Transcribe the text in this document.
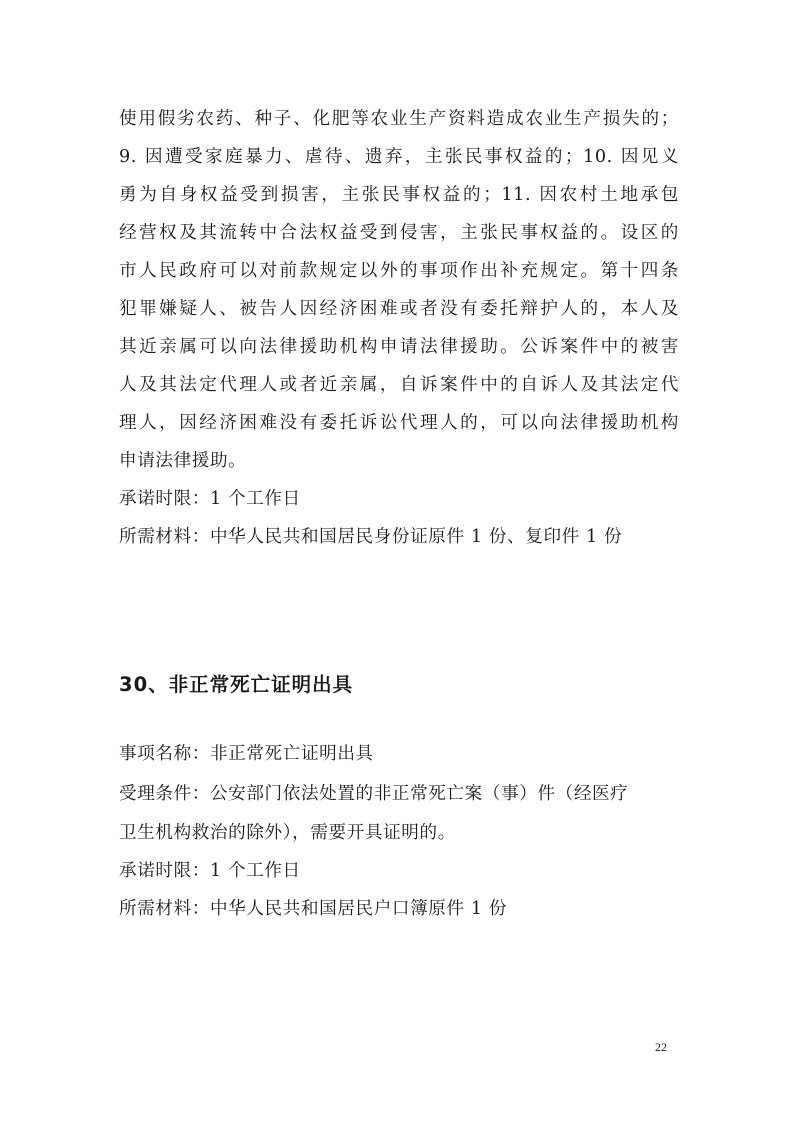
使用假劣农药、种子、化肥等农业生产资料造成农业生产损失的；
9. 因遭受家庭暴力、虐待、遗弃，主张民事权益的；10. 因见义
勇为自身权益受到损害，主张民事权益的；11. 因农村土地承包
经营权及其流转中合法权益受到侵害，主张民事权益的。设区的
市人民政府可以对前款规定以外的事项作出补充规定。第十四条
犯罪嫌疑人、被告人因经济困难或者没有委托辩护人的，本人及
其近亲属可以向法律援助机构申请法律援助。公诉案件中的被害
人及其法定代理人或者近亲属，自诉案件中的自诉人及其法定代
理人，因经济困难没有委托诉讼代理人的，可以向法律援助机构
申请法律援助。
承诺时限：1 个工作日
所需材料：中华人民共和国居民身份证原件 1 份、复印件 1 份
30、非正常死亡证明出具
事项名称：非正常死亡证明出具
受理条件：公安部门依法处置的非正常死亡案（事）件（经医疗
卫生机构救治的除外），需要开具证明的。
承诺时限：1 个工作日
所需材料：中华人民共和国居民户口簿原件 1 份
22
